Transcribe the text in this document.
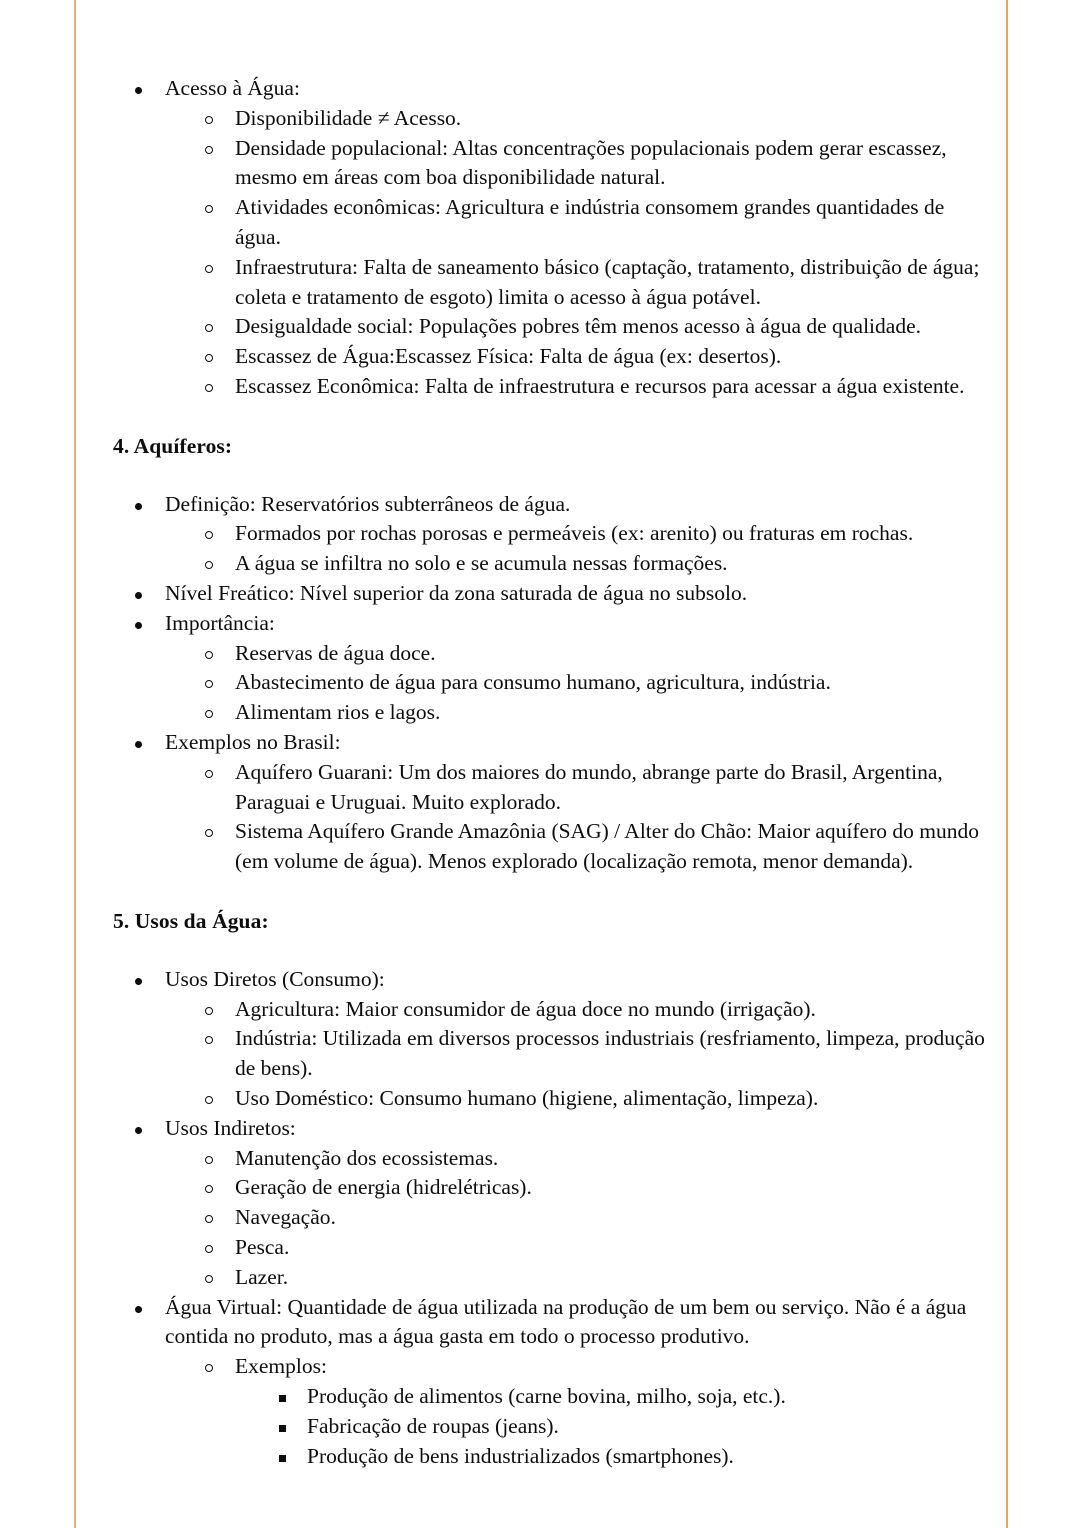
Acesso à Água:
Disponibilidade ≠ Acesso.
Densidade populacional: Altas concentrações populacionais podem gerar escassez, mesmo em áreas com boa disponibilidade natural.
Atividades econômicas: Agricultura e indústria consomem grandes quantidades de água.
Infraestrutura: Falta de saneamento básico (captação, tratamento, distribuição de água; coleta e tratamento de esgoto) limita o acesso à água potável.
Desigualdade social: Populações pobres têm menos acesso à água de qualidade.
Escassez de Água:Escassez Física: Falta de água (ex: desertos).
Escassez Econômica: Falta de infraestrutura e recursos para acessar a água existente.
4. Aquíferos:
Definição: Reservatórios subterrâneos de água.
Formados por rochas porosas e permeáveis (ex: arenito) ou fraturas em rochas.
A água se infiltra no solo e se acumula nessas formações.
Nível Freático: Nível superior da zona saturada de água no subsolo.
Importância:
Reservas de água doce.
Abastecimento de água para consumo humano, agricultura, indústria.
Alimentam rios e lagos.
Exemplos no Brasil:
Aquífero Guarani: Um dos maiores do mundo, abrange parte do Brasil, Argentina, Paraguai e Uruguai. Muito explorado.
Sistema Aquífero Grande Amazônia (SAG) / Alter do Chão: Maior aquífero do mundo (em volume de água). Menos explorado (localização remota, menor demanda).
5. Usos da Água:
Usos Diretos (Consumo):
Agricultura: Maior consumidor de água doce no mundo (irrigação).
Indústria: Utilizada em diversos processos industriais (resfriamento, limpeza, produção de bens).
Uso Doméstico: Consumo humano (higiene, alimentação, limpeza).
Usos Indiretos:
Manutenção dos ecossistemas.
Geração de energia (hidrelétricas).
Navegação.
Pesca.
Lazer.
Água Virtual: Quantidade de água utilizada na produção de um bem ou serviço. Não é a água contida no produto, mas a água gasta em todo o processo produtivo.
Exemplos:
Produção de alimentos (carne bovina, milho, soja, etc.).
Fabricação de roupas (jeans).
Produção de bens industrializados (smartphones).
